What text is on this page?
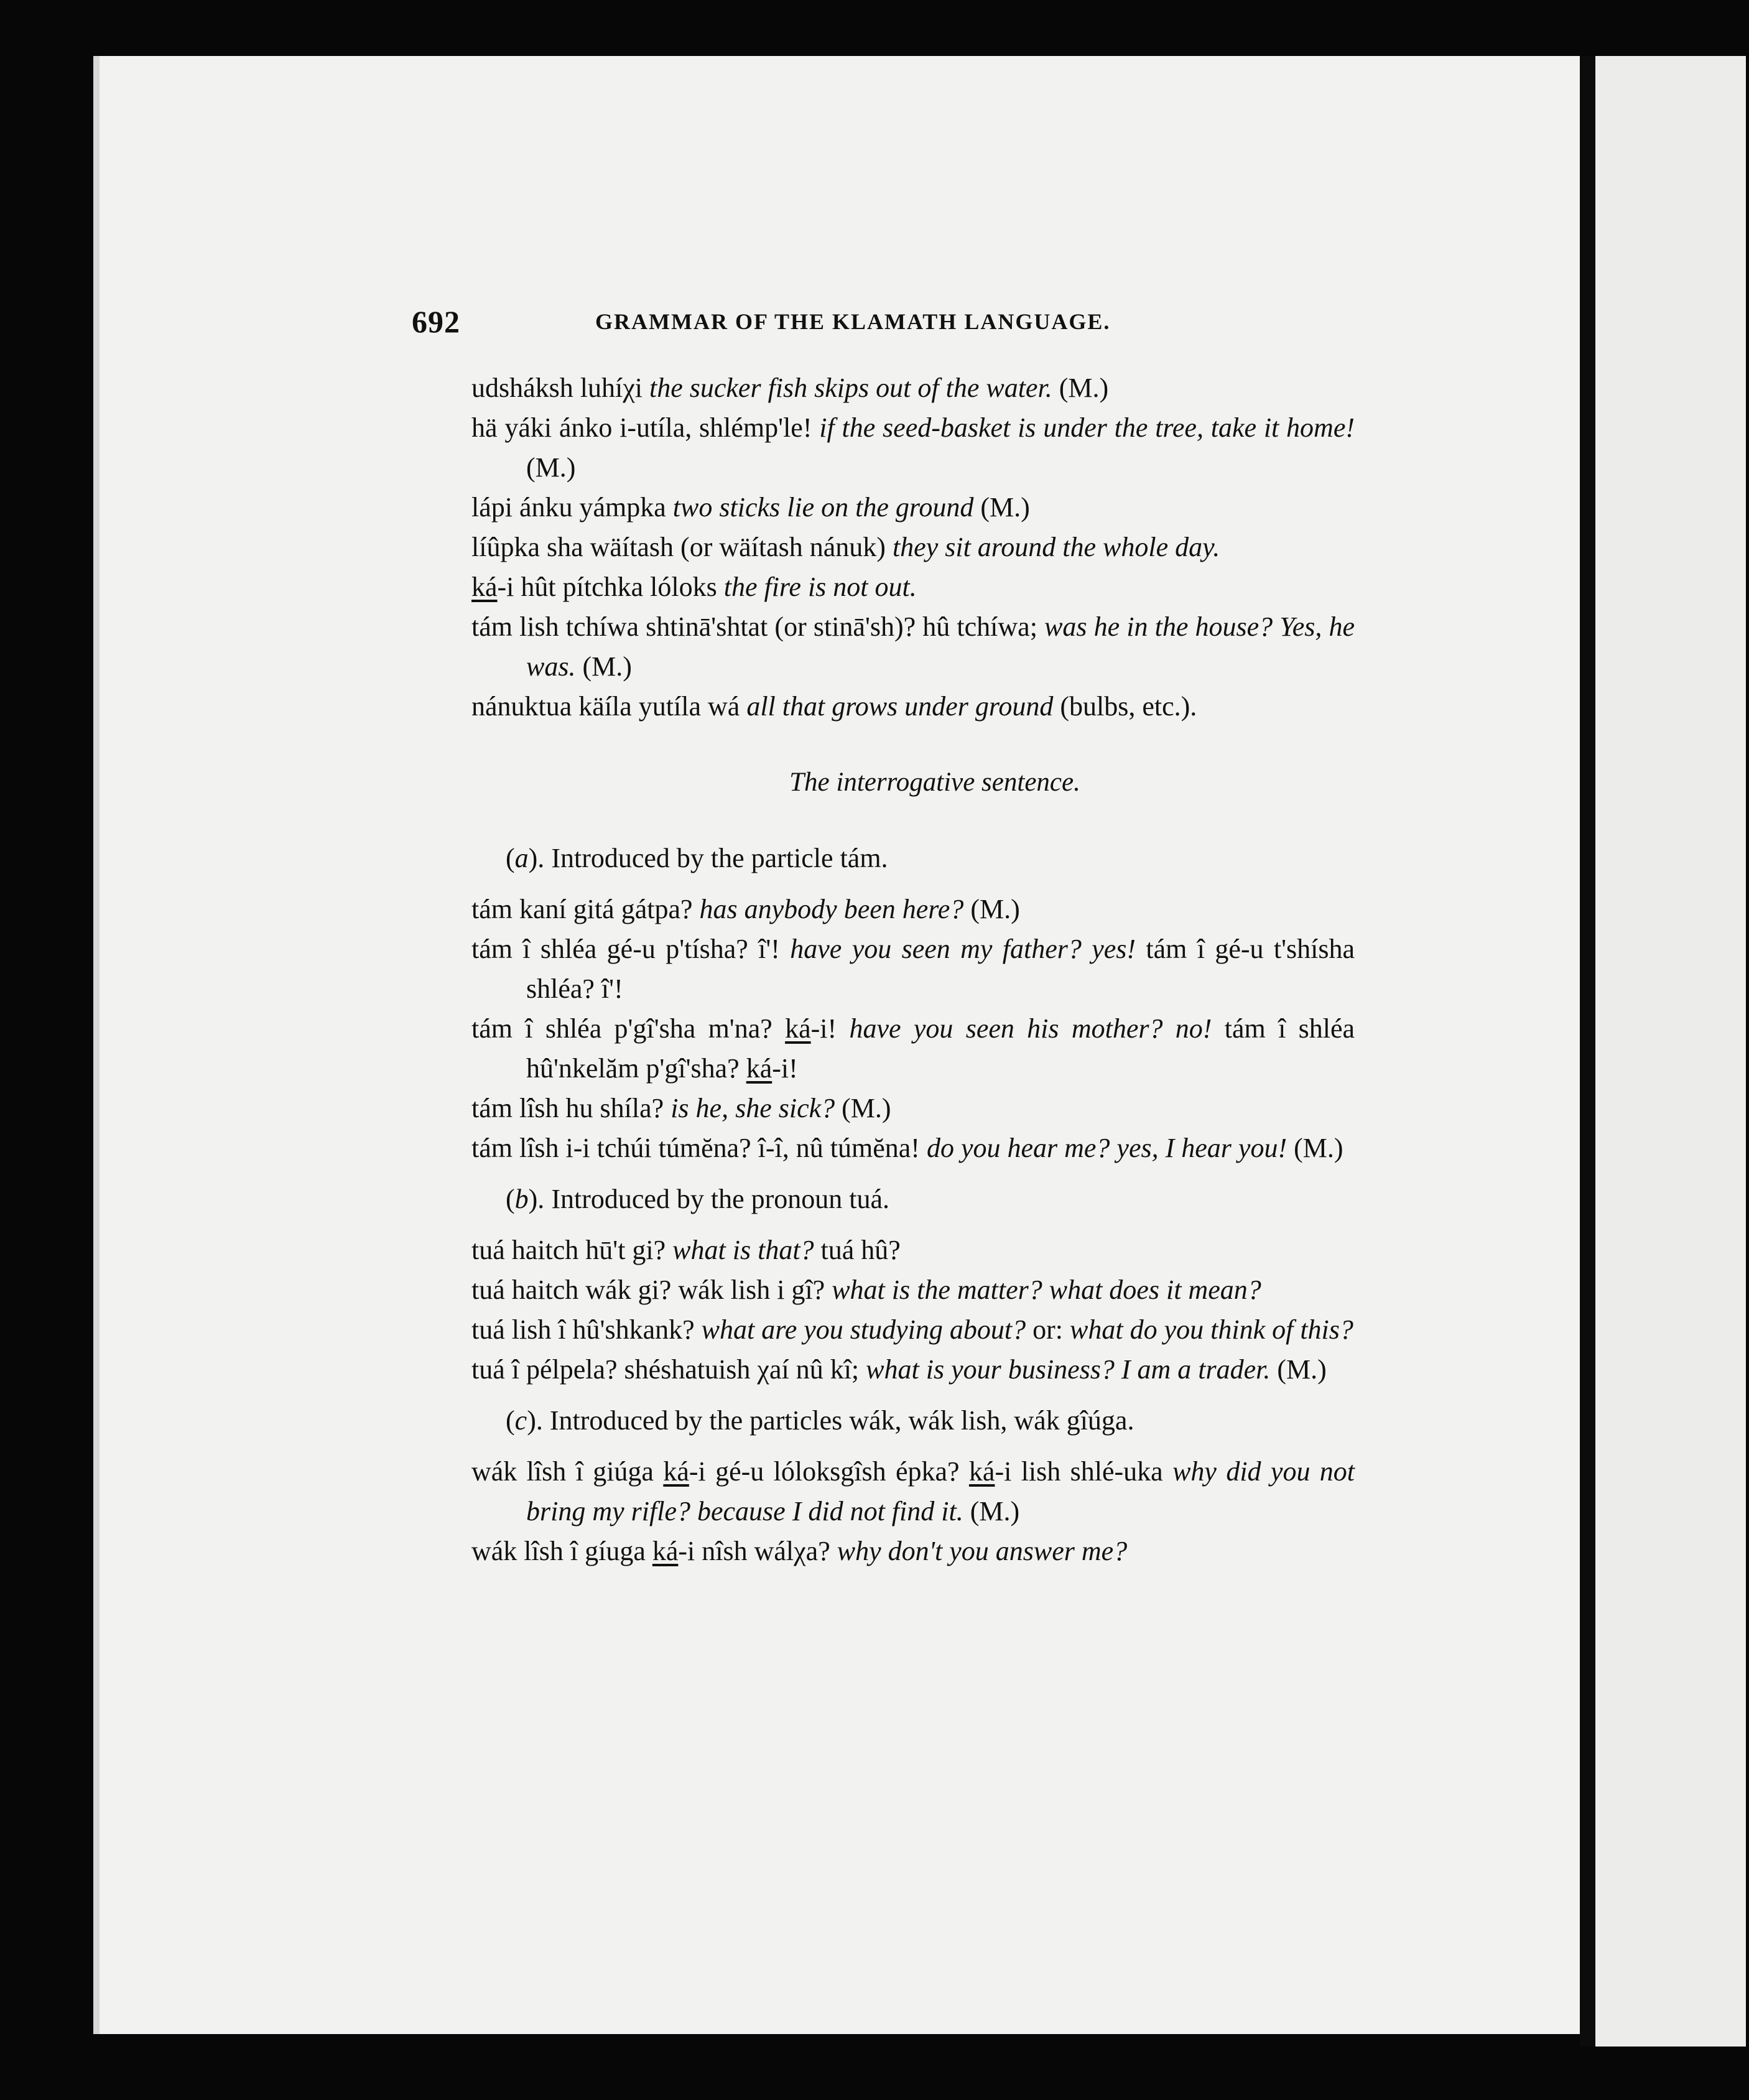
692	GRAMMAR OF THE KLAMATH LANGUAGE.
udsháksh luhíχi the sucker fish skips out of the water. (M.)
hä yáki ánko i-utíla, shlémp'le! if the seed-basket is under the tree, take it home! (M.)
lápi ánku yámpka two sticks lie on the ground (M.)
líûpka sha wäítash (or wäítash nánuk) they sit around the whole day.
ká-i hût pítchka lóloks the fire is not out.
tám lish tchíwa shtinā'shtat (or stinā'sh)? hû tchíwa; was he in the house? Yes, he was. (M.)
nánuktua käíla yutíla wá all that grows under ground (bulbs, etc.).
The interrogative sentence.
(a). Introduced by the particle tám.
tám kaní gitá gátpa? has anybody been here? (M.)
tám î shléa gé-u p'tísha? î'! have you seen my father? yes! tám î gé-u t'shísha shléa? î'!
tám î shléa p'gî'sha m'na? ká-i! have you seen his mother? no! tám î shléa hû'nkelăm p'gî'sha? ká-i!
tám lîsh hu shíla? is he, she sick? (M.)
tám lîsh i-i tchúi túmĕna? î-î, nû túmĕna! do you hear me? yes, I hear you! (M.)
(b). Introduced by the pronoun tuá.
tuá haitch hū't gi? what is that? tuá hû?
tuá haitch wák gi? wák lish i gî? what is the matter? what does it mean?
tuá lish î hû'shkank? what are you studying about? or: what do you think of this?
tuá î pélpela? shéshatuish χaí nû kî; what is your business? I am a trader. (M.)
(c). Introduced by the particles wák, wák lish, wák gîúga.
wák lîsh î giúga ká-i gé-u lóloksgîsh épka? ká-i lish shlé-uka why did you not bring my rifle? because I did not find it. (M.)
wák lîsh î gíuga ká-i nîsh wálχa? why don't you answer me?
